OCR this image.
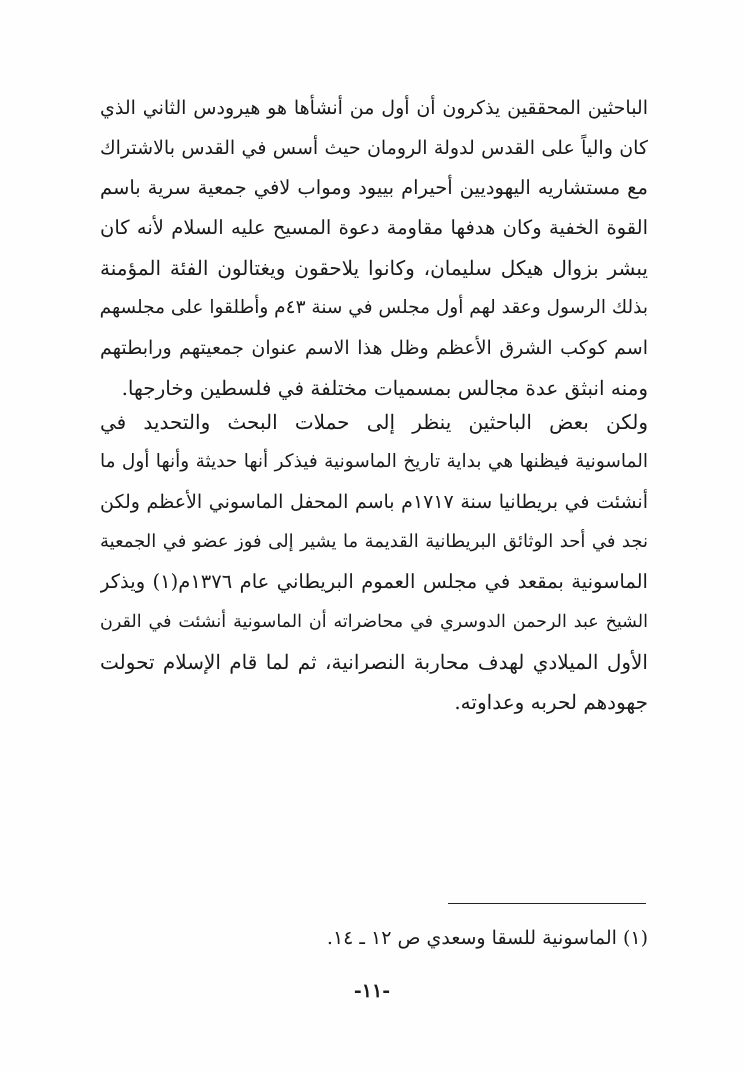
الباحثين المحققين يذكرون أن أول من أنشأها هو هيرودس الثاني الذي
كان والياً على القدس لدولة الرومان حيث أسس في القدس بالاشتراك
مع مستشاريه اليهوديين أحيرام بييود ومواب لافي جمعية سرية باسم
القوة الخفية وكان هدفها مقاومة دعوة المسيح عليه السلام لأنه كان
يبشر بزوال هيكل سليمان، وكانوا يلاحقون ويغتالون الفئة المؤمنة
بذلك الرسول وعقد لهم أول مجلس في سنة ٤٣م وأطلقوا على مجلسهم
اسم كوكب الشرق الأعظم وظل هذا الاسم عنوان جمعيتهم ورابطتهم
ومنه انبثق عدة مجالس بمسميات مختلفة في فلسطين وخارجها.
ولكن بعض الباحثين ينظر إلى حملات البحث والتحديد في
الماسونية فيظنها هي بداية تاريخ الماسونية فيذكر أنها حديثة وأنها أول ما
أنشئت في بريطانيا سنة ١٧١٧م باسم المحفل الماسوني الأعظم ولكن
نجد في أحد الوثائق البريطانية القديمة ما يشير إلى فوز عضو في الجمعية
الماسونية بمقعد في مجلس العموم البريطاني عام ١٣٧٦م(١) ويذكر
الشيخ عبد الرحمن الدوسري في محاضراته أن الماسونية أنشئت في القرن
الأول الميلادي لهدف محاربة النصرانية، ثم لما قام الإسلام تحولت
جهودهم لحربه وعداوته.
(١) الماسونية للسقا وسعدي ص ١٢ ـ ١٤.
-١١-
